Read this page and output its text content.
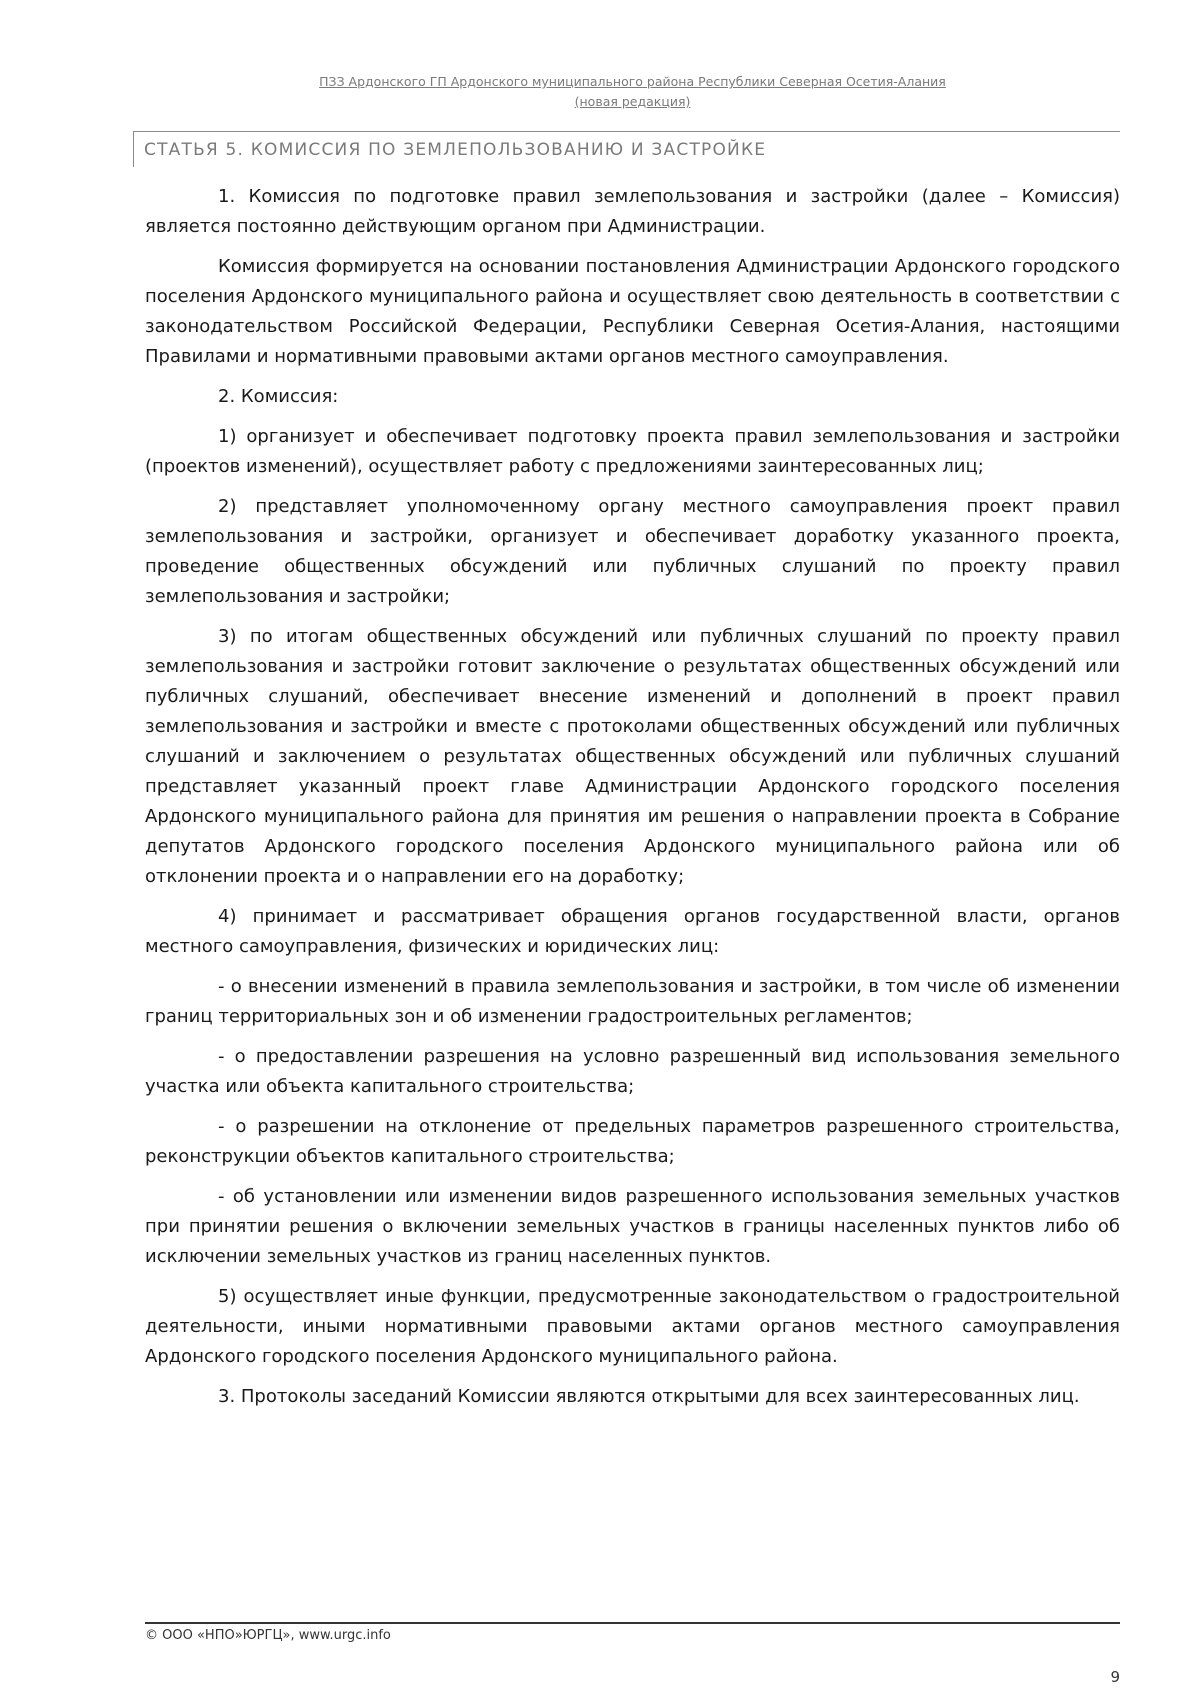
ПЗЗ Ардонского ГП Ардонского муниципального района Республики Северная Осетия-Алания
(новая редакция)
СТАТЬЯ 5. КОМИССИЯ ПО ЗЕМЛЕПОЛЬЗОВАНИЮ И ЗАСТРОЙКЕ

1. Комиссия по подготовке правил землепользования и застройки (далее – Комиссия) является постоянно действующим органом при Администрации.

Комиссия формируется на основании постановления Администрации Ардонского городского поселения Ардонского муниципального района и осуществляет свою деятельность в соответствии с законодательством Российской Федерации, Республики Северная Осетия-Алания, настоящими Правилами и нормативными правовыми актами органов местного самоуправления.

2. Комиссия:

1) организует и обеспечивает подготовку проекта правил землепользования и застройки (проектов изменений), осуществляет работу с предложениями заинтересованных лиц;

2) представляет уполномоченному органу местного самоуправления проект правил землепользования и застройки, организует и обеспечивает доработку указанного проекта, проведение общественных обсуждений или публичных слушаний по проекту правил землепользования и застройки;

3) по итогам общественных обсуждений или публичных слушаний по проекту правил землепользования и застройки готовит заключение о результатах общественных обсуждений или публичных слушаний, обеспечивает внесение изменений и дополнений в проект правил землепользования и застройки и вместе с протоколами общественных обсуждений или публичных слушаний и заключением о результатах общественных обсуждений или публичных слушаний представляет указанный проект главе Администрации Ардонского городского поселения Ардонского муниципального района для принятия им решения о направлении проекта в Собрание депутатов Ардонского городского поселения Ардонского муниципального района или об отклонении проекта и о направлении его на доработку;

4) принимает и рассматривает обращения органов государственной власти, органов местного самоуправления, физических и юридических лиц:

- о внесении изменений в правила землепользования и застройки, в том числе об изменении границ территориальных зон и об изменении градостроительных регламентов;

- о предоставлении разрешения на условно разрешенный вид использования земельного участка или объекта капитального строительства;

- о разрешении на отклонение от предельных параметров разрешенного строительства, реконструкции объектов капитального строительства;

- об установлении или изменении видов разрешенного использования земельных участков при принятии решения о включении земельных участков в границы населенных пунктов либо об исключении земельных участков из границ населенных пунктов.

5) осуществляет иные функции, предусмотренные законодательством о градостроительной деятельности, иными нормативными правовыми актами органов местного самоуправления Ардонского городского поселения Ардонского муниципального района.

3. Протоколы заседаний Комиссии являются открытыми для всех заинтересованных лиц.

© ООО «НПО»ЮРГЦ», www.urgc.info
9
